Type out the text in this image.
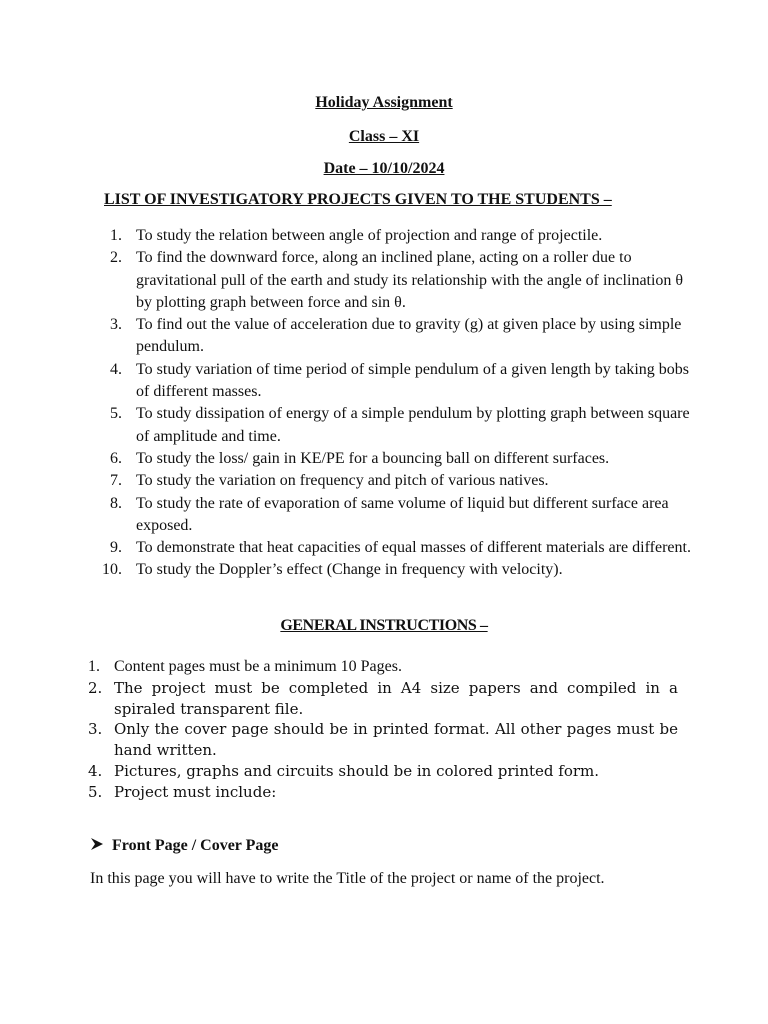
Holiday Assignment
Class – XI
Date – 10/10/2024
LIST OF INVESTIGATORY PROJECTS GIVEN TO THE STUDENTS –
1. To study the relation between angle of projection and range of projectile.
2. To find the downward force, along an inclined plane, acting on a roller due to gravitational pull of the earth and study its relationship with the angle of inclination θ by plotting graph between force and sin θ.
3. To find out the value of acceleration due to gravity (g) at given place by using simple pendulum.
4. To study variation of time period of simple pendulum of a given length by taking bobs of different masses.
5. To study dissipation of energy of a simple pendulum by plotting graph between square of amplitude and time.
6. To study the loss/ gain in KE/PE for a bouncing ball on different surfaces.
7. To study the variation on frequency and pitch of various natives.
8. To study the rate of evaporation of same volume of liquid but different surface area exposed.
9. To demonstrate that heat capacities of equal masses of different materials are different.
10. To study the Doppler’s effect (Change in frequency with velocity).
GENERAL INSTRUCTIONS –
1. Content pages must be a minimum 10 Pages.
2. The project must be completed in A4 size papers and compiled in a spiraled transparent file.
3. Only the cover page should be in printed format. All other pages must be hand written.
4. Pictures, graphs and circuits should be in colored printed form.
5. Project must include:
Front Page / Cover Page
In this page you will have to write the Title of the project or name of the project.
